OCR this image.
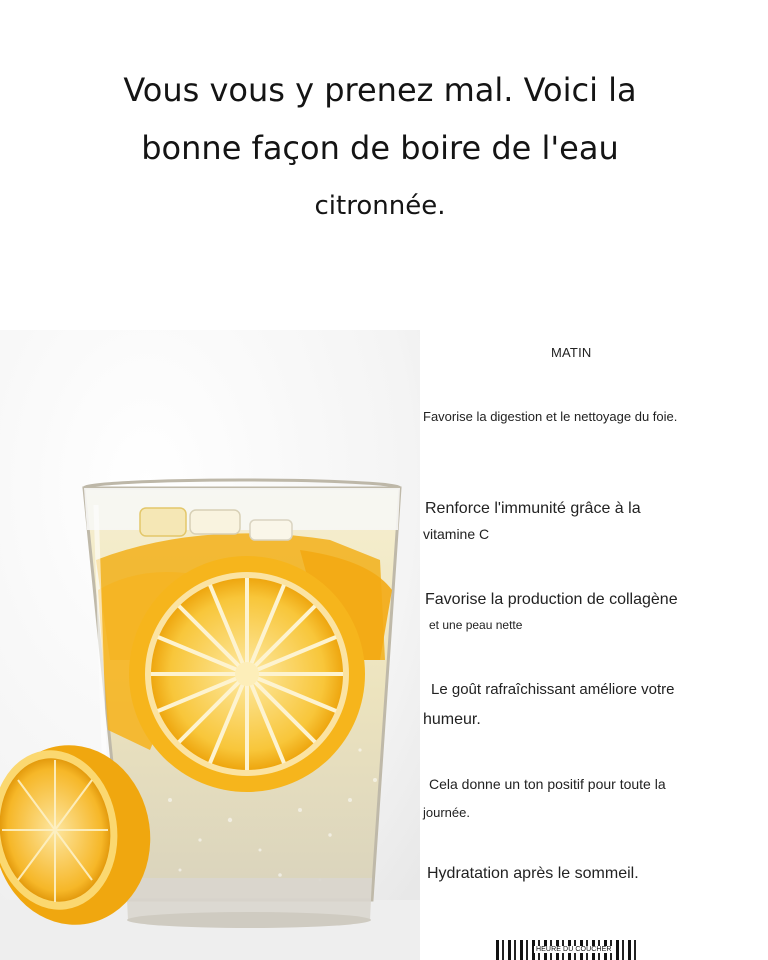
Vous vous y prenez mal. Voici la
bonne façon de boire de l'eau
citronnée.
MATIN
Favorise la digestion et le nettoyage du foie.
Renforce l'immunité grâce à la
vitamine C
Favorise la production de collagène
et une peau nette
Le goût rafraîchissant améliore votre
humeur.
Cela donne un ton positif pour toute la
journée.
Hydratation après le sommeil.
HEURE DU COUCHER
